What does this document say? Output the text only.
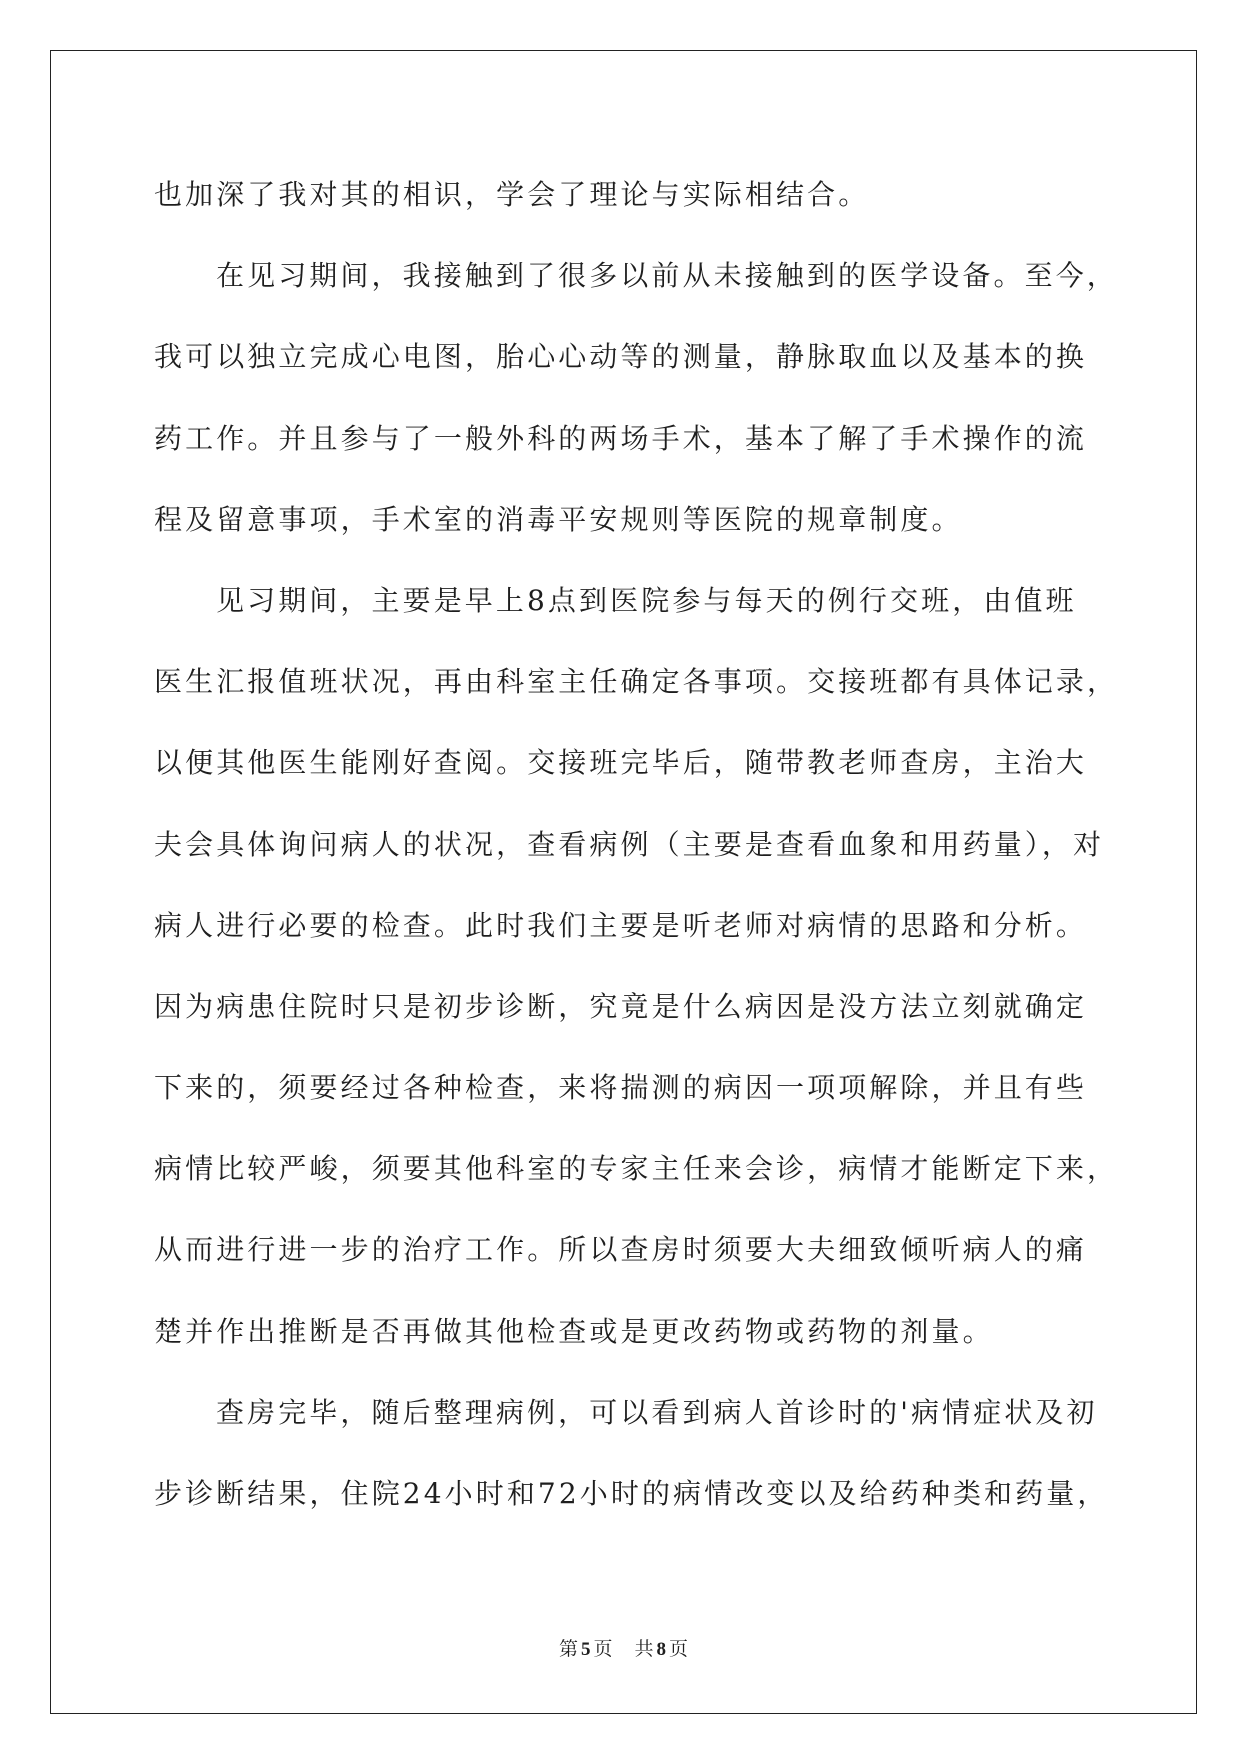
也加深了我对其的相识，学会了理论与实际相结合。
在见习期间，我接触到了很多以前从未接触到的医学设备。至今，
我可以独立完成心电图，胎心心动等的测量，静脉取血以及基本的换
药工作。并且参与了一般外科的两场手术，基本了解了手术操作的流
程及留意事项，手术室的消毒平安规则等医院的规章制度。
见习期间，主要是早上8点到医院参与每天的例行交班，由值班
医生汇报值班状况，再由科室主任确定各事项。交接班都有具体记录，
以便其他医生能刚好查阅。交接班完毕后，随带教老师查房，主治大
夫会具体询问病人的状况，查看病例（主要是查看血象和用药量），对
病人进行必要的检查。此时我们主要是听老师对病情的思路和分析。
因为病患住院时只是初步诊断，究竟是什么病因是没方法立刻就确定
下来的，须要经过各种检查，来将揣测的病因一项项解除，并且有些
病情比较严峻，须要其他科室的专家主任来会诊，病情才能断定下来，
从而进行进一步的治疗工作。所以查房时须要大夫细致倾听病人的痛
楚并作出推断是否再做其他检查或是更改药物或药物的剂量。
查房完毕，随后整理病例，可以看到病人首诊时的'病情症状及初
步诊断结果，住院24小时和72小时的病情改变以及给药种类和药量，
第 5 页 共 8 页
